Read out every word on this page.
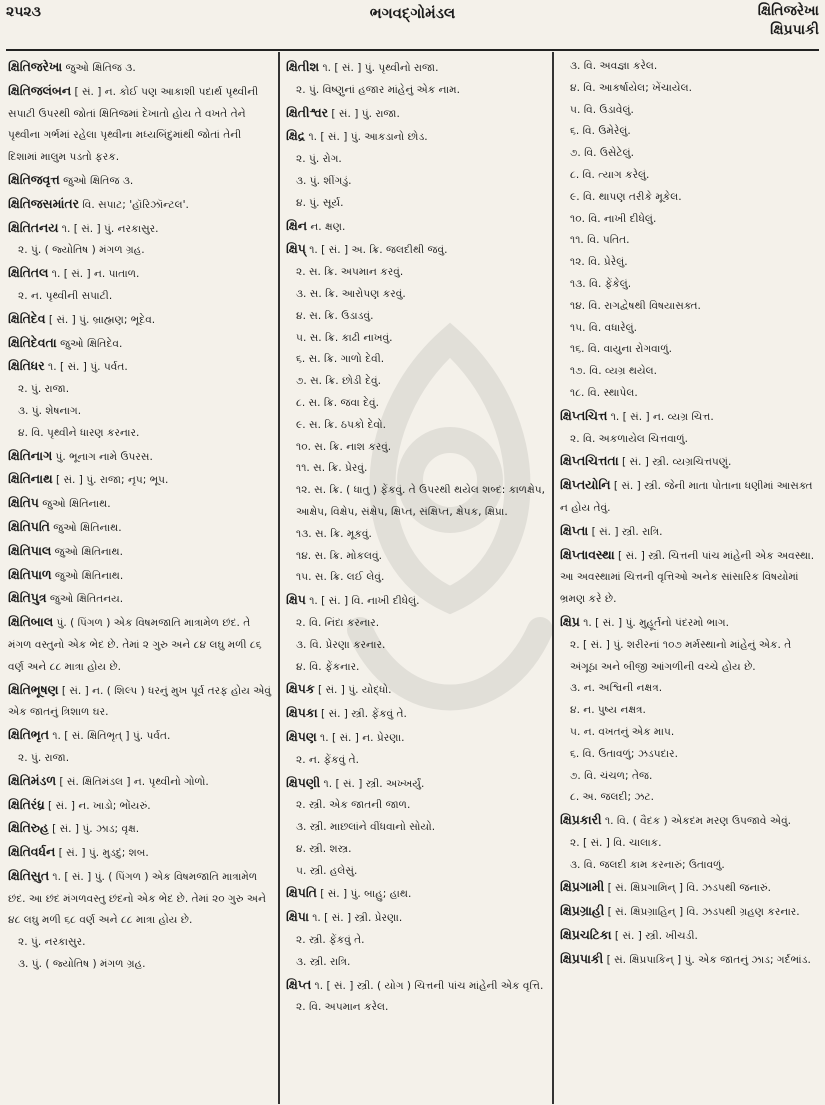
૨૫૨૩	ભગવદ્ગોમંડલ	ક્ષિતિજરેખા
ક્ષિપ્રપાકી
ક્ષિતિજરેખા જુઓ ક્ષિતિજ ૩.
ક્ષિતિજલંબન [ સં. ] ન. કોઈ પણ આકાશી પદાર્થ પૃથ્વીની સપાટી ઉપરથી જોતાં ક્ષિતિજમાં દેખાતો હોય તે વખતે તેને પૃથ્વીના ગર્ભમાં રહેલા પૃથ્વીના મધ્યબિંદુમાંથી જોતાં તેની દિશામાં માલુમ પડતો ફરક.
ક્ષિતિજવૃત્ત જુઓ ક્ષિતિજ ૩.
ક્ષિતિજસમાંતર વિ. સપાટ; 'હૉરિઝૉન્ટલ'.
ક્ષિતિતનય ૧. [ સં. ] પું. નરકાસુર.
૨. પું. ( જ્યોતિષ ) મંગળ ગ્રહ.
ક્ષિતિતલ ૧. [ સં. ] ન. પાતાળ.
૨. ન. પૃથ્વીની સપાટી.
ક્ષિતિદેવ [ સં. ] પું. બ્રાહ્મણ; ભૂદેવ.
ક્ષિતિદેવતા જુઓ ક્ષિતિદેવ.
ક્ષિતિધર ૧. [ સં. ] પું. પર્વત.
૨. પું. રાજા.
૩. પું. શેષનાગ.
૪. વિ. પૃથ્વીને ધારણ કરનાર.
ક્ષિતિનાગ પું. ભૂનાગ નામે ઉપરસ.
ક્ષિતિનાથ [ સં. ] પું. રાજા; નૃપ; ભૂપ.
ક્ષિતિપ જુઓ ક્ષિતિનાથ.
ક્ષિતિપતિ જુઓ ક્ષિતિનાથ.
ક્ષિતિપાલ જુઓ ક્ષિતિનાથ.
ક્ષિતિપાળ જુઓ ક્ષિતિનાથ.
ક્ષિતિપુત્ર જુઓ ક્ષિતિતનય.
ક્ષિતિબાલ પું. ( પિંગળ ) એક વિષમજાતિ માત્રામેળ છંદ. તે મંગળ વસ્તુનો એક ભેદ છે. તેમાં ૨ ગુરુ અને ૮૪ લઘુ મળી ૮૬ વર્ણ અને ૮૮ માત્રા હોય છે.
ક્ષિતિભૂષણ [ સં. ] ન. ( શિલ્પ ) ધરનું મુખ પૂર્વ તરફ હોય એવું એક જાતનું ત્રિશાળ ઘર.
ક્ષિતિભૃત ૧. [ સં. ક્ષિતિભૃત્ ] પું. પર્વત.
૨. પું. રાજા.
ક્ષિતિમંડળ [ સં. ક્ષિતિમંડલ ] ન. પૃથ્વીનો ગોળો.
ક્ષિતિરંધ્ર [ સં. ] ન. ખાડો; ભોંયરું.
ક્ષિતિરુહ [ સં. ] પું. ઝાડ; વૃક્ષ.
ક્ષિતિવર્ધન [ સં. ] પું. મુડદું; શબ.
ક્ષિતિસુત ૧. [ સં. ] પું. ( પિંગળ ) એક વિષમજાતિ માત્રામેળ છંદ. આ છંદ મંગળવસ્તુ છંદનો એક ભેદ છે. તેમાં ૨૦ ગુરુ અને ૪૮ લઘુ મળી ૬૮ વર્ણ અને ૮૮ માત્રા હોય છે.
૨. પું. નરકાસુર.
૩. પું. ( જ્યોતિષ ) મંગળ ગ્રહ.
ક્ષિતીશ ૧. [ સં. ] પું. પૃથ્વીનો રાજા.
૨. પું. વિષ્ણુનાં હજાર માંહેનું એક નામ.
ક્ષિતીશ્વર [ સં. ] પું. રાજા.
ક્ષિદ્ર ૧. [ સં. ] પું. આકડાનો છોડ.
૨. પું. રોગ.
૩. પું. શીંગડું.
૪. પું. સૂર્ય.
ક્ષિન ન. ક્ષણ.
ક્ષિપ્ ૧. [ સં. ] અ. ક્રિ. જલદીથી જવું.
૨. સ. ક્રિ. અપમાન કરવું.
૩. સ. ક્રિ. આરોપણ કરવું.
૪. સ. ક્રિ. ઉડાડવું.
૫. સ. ક્રિ. કાઢી નાખવું.
૬. સ. ક્રિ. ગાળો દેવી.
૭. સ. ક્રિ. છોડી દેવું.
૮. સ. ક્રિ. જવા દેવું.
૯. સ. ક્રિ. ઠપકો દેવો.
૧૦. સ. ક્રિ. નાશ કરવું.
૧૧. સ. ક્રિ. પ્રેરવું.
૧૨. સ. ક્રિ. ( ધાતુ ) ફેંકવું. તે ઉપરથી થયેલ શબ્દ: કાળક્ષેપ, આક્ષેપ, વિક્ષેપ, સંક્ષેપ, ક્ષિપ્ત, સંક્ષિપ્ત, ક્ષેપક, ક્ષિપ્રા.
૧૩. સ. ક્રિ. મૂકવું.
૧૪. સ. ક્રિ. મોકલવું.
૧૫. સ. ક્રિ. લઈ લેવું.
ક્ષિપ ૧. [ સં. ] વિ. નાખી દીધેલું.
૨. વિ. નિંદા કરનાર.
૩. વિ. પ્રેરણા કરનાર.
૪. વિ. ફેંકનાર.
ક્ષિપક [ સં. ] પું. યોદ્ધો.
ક્ષિપકા [ સં. ] સ્ત્રી. ફેંકવું તે.
ક્ષિપણ ૧. [ સં. ] ન. પ્રેરણા.
૨. ન. ફેંકવું તે.
ક્ષિપણી ૧. [ સં. ] સ્ત્રી. અખ્ખર્યું.
૨. સ્ત્રી. એક જાતની જાળ.
૩. સ્ત્રી. માછલાંને વીંધવાનો સોયો.
૪. સ્ત્રી. શસ્ત્ર.
૫. સ્ત્રી. હલેસું.
ક્ષિપતિ [ સં. ] પું. બાહુ; હાથ.
ક્ષિપા ૧. [ સં. ] સ્ત્રી. પ્રેરણા.
૨. સ્ત્રી. ફેંકવું તે.
૩. સ્ત્રી. રાત્રિ.
ક્ષિપ્ત ૧. [ સં. ] સ્ત્રી. ( યોગ ) ચિત્તની પાંચ માંહેની એક વૃત્તિ.
૨. વિ. અપમાન કરેલ.
૩. વિ. અવજ્ઞા કરેલ.
૪. વિ. આકર્ષાયેલ; ખેંચાયેલ.
૫. વિ. ઉડાવેલું.
૬. વિ. ઉમેરેલું.
૭. વિ. ઉસેટેલું.
૮. વિ. ત્યાગ કરેલું.
૯. વિ. થાપણ તરીકે મૂકેલ.
૧૦. વિ. નાખી દીધેલું.
૧૧. વિ. પતિત.
૧૨. વિ. પ્રેરેલું.
૧૩. વિ. ફેંકેલું.
૧૪. વિ. રાગદ્વેષથી વિષયાસક્ત.
૧૫. વિ. વધારેલું.
૧૬. વિ. વાયુના રોગવાળું.
૧૭. વિ. વ્યગ્ર થયેલ.
૧૮. વિ. સ્થાપેલ.
ક્ષિપ્તચિત્ત ૧. [ સં. ] ન. વ્યગ્ર ચિત્ત.
૨. વિ. અકળાયેલ ચિત્તવાળું.
ક્ષિપ્તચિત્તતા [ સં. ] સ્ત્રી. વ્યગ્રચિત્તપણું.
ક્ષિપ્તયોનિ [ સં. ] સ્ત્રી. જેની માતા પોતાના ધણીમાં આસક્ત ન હોય તેવું.
ક્ષિપ્તા [ સં. ] સ્ત્રી. રાત્રિ.
ક્ષિપ્તાવસ્થા [ સં. ] સ્ત્રી. ચિત્તની પાંચ માંહેની એક અવસ્થા. આ અવસ્થામાં ચિત્તની વૃત્તિઓ અનેક સાંસારિક વિષયોમાં ભ્રમણ કરે છે.
ક્ષિપ્ર ૧. [ સં. ] પું. મુહૂર્તનો પંદરમો ભાગ.
૨. [ સં. ] પું. શરીરનાં ૧૦૭ મર્મસ્થાનો માંહેનું એક. તે અંગૂઠા અને બીજી આંગળીની વચ્ચે હોય છે.
૩. ન. અશ્વિની નક્ષત્ર.
૪. ન. પુષ્ય નક્ષત્ર.
૫. ન. વખતનું એક માપ.
૬. વિ. ઉતાવળું; ઝડપદાર.
૭. વિ. ચંચળ; તેજ.
૮. અ. જલદી; ઝટ.
ક્ષિપ્રકારી ૧. વિ. ( વૈદક ) એકદમ મરણ ઉપજાવે એવું.
૨. [ સં. ] વિ. ચાલાક.
૩. વિ. જલદી કામ કરનારું; ઉતાવળું.
ક્ષિપ્રગામી [ સં. ક્ષિપ્રગામિન્ ] વિ. ઝડપથી જનારું.
ક્ષિપ્રગ્રાહી [ સં. ક્ષિપ્રગ્રાહિન્ ] વિ. ઝડપથી ગ્રહણ કરનાર.
ક્ષિપ્રચટિકા [ સં. ] સ્ત્રી. ખીચડી.
ક્ષિપ્રપાકી [ સં. ક્ષિપ્રપાકિન્ ] પું. એક જાતનું ઝાડ; ગર્દભાંડ.
